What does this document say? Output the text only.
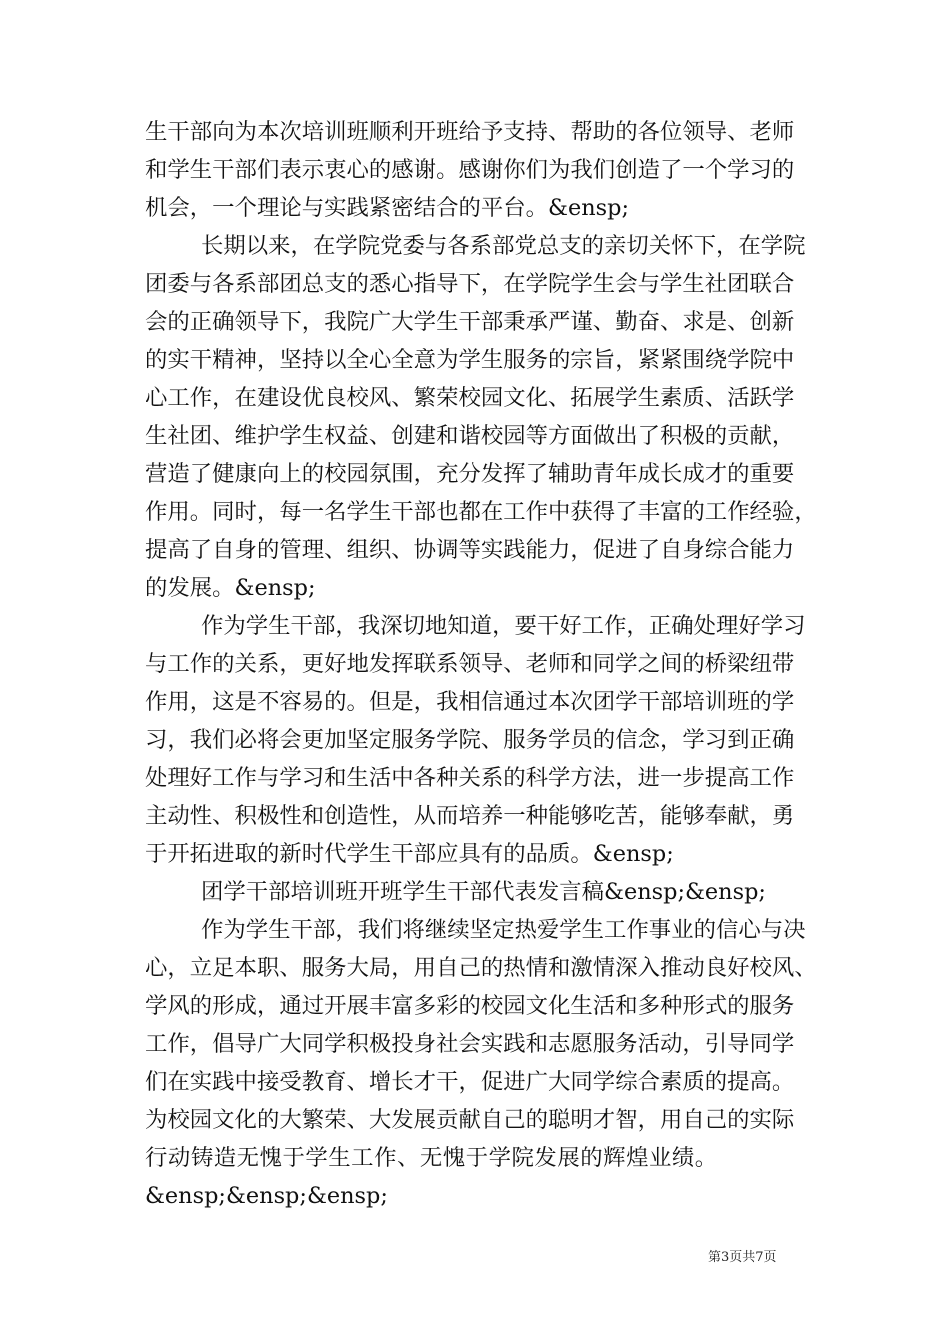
生干部向为本次培训班顺利开班给予支持、帮助的各位领导、老师
和学生干部们表示衷心的感谢。感谢你们为我们创造了一个学习的
机会，一个理论与实践紧密结合的平台。&ensp;
长期以来，在学院党委与各系部党总支的亲切关怀下，在学院
团委与各系部团总支的悉心指导下，在学院学生会与学生社团联合
会的正确领导下，我院广大学生干部秉承严谨、勤奋、求是、创新
的实干精神，坚持以全心全意为学生服务的宗旨，紧紧围绕学院中
心工作，在建设优良校风、繁荣校园文化、拓展学生素质、活跃学
生社团、维护学生权益、创建和谐校园等方面做出了积极的贡献，
营造了健康向上的校园氛围，充分发挥了辅助青年成长成才的重要
作用。同时，每一名学生干部也都在工作中获得了丰富的工作经验，
提高了自身的管理、组织、协调等实践能力，促进了自身综合能力
的发展。&ensp;
作为学生干部，我深切地知道，要干好工作，正确处理好学习
与工作的关系，更好地发挥联系领导、老师和同学之间的桥梁纽带
作用，这是不容易的。但是，我相信通过本次团学干部培训班的学
习，我们必将会更加坚定服务学院、服务学员的信念，学习到正确
处理好工作与学习和生活中各种关系的科学方法，进一步提高工作
主动性、积极性和创造性，从而培养一种能够吃苦，能够奉献，勇
于开拓进取的新时代学生干部应具有的品质。&ensp;
团学干部培训班开班学生干部代表发言稿&ensp;&ensp;
作为学生干部，我们将继续坚定热爱学生工作事业的信心与决
心，立足本职、服务大局，用自己的热情和激情深入推动良好校风、
学风的形成，通过开展丰富多彩的校园文化生活和多种形式的服务
工作，倡导广大同学积极投身社会实践和志愿服务活动，引导同学
们在实践中接受教育、增长才干，促进广大同学综合素质的提高。
为校园文化的大繁荣、大发展贡献自己的聪明才智，用自己的实际
行 动 铸 造 无 愧 于 学 生 工 作 、 无 愧 于 学 院 发 展 的 辉 煌 业 绩 。
&ensp;&ensp;&ensp;
第3页共7页
